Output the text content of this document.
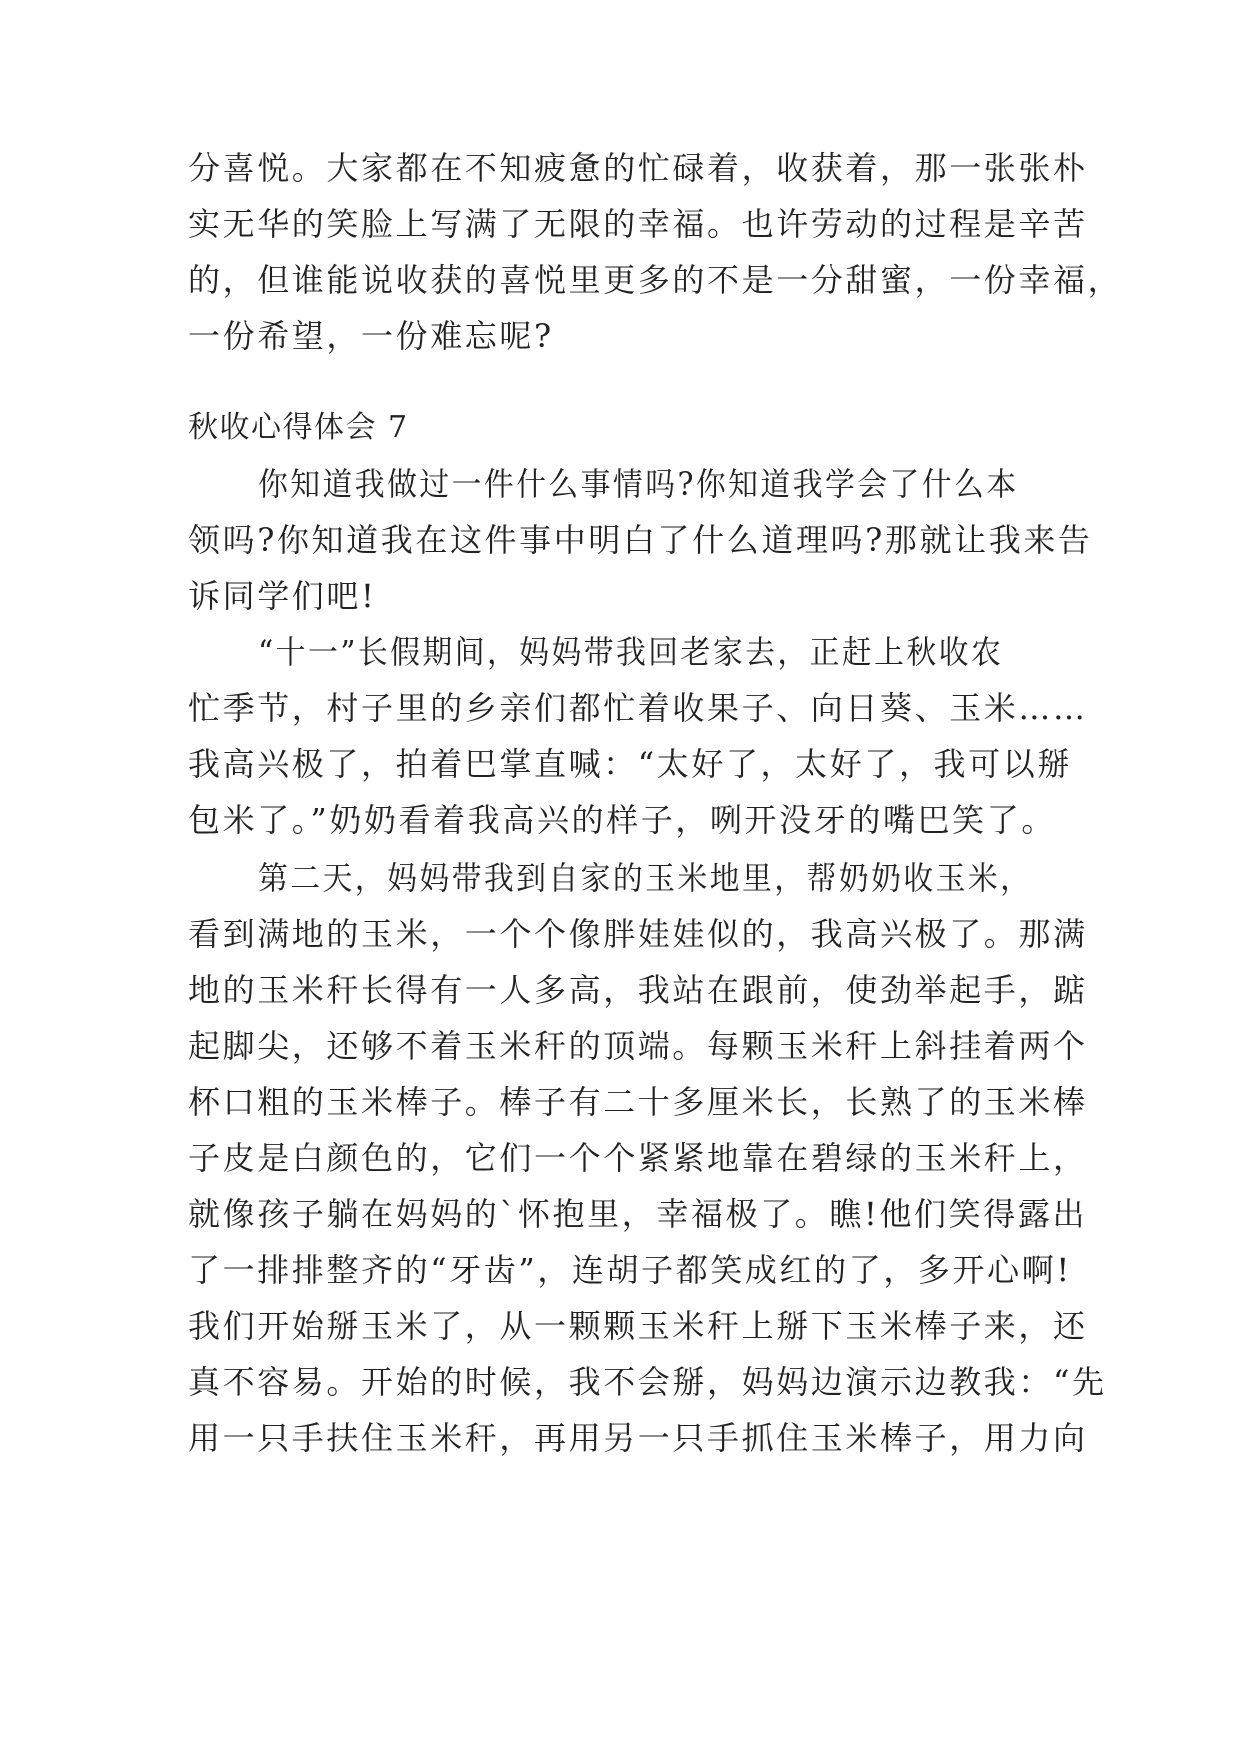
分喜悦。大家都在不知疲惫的忙碌着，收获着，那一张张朴
实无华的笑脸上写满了无限的幸福。也许劳动的过程是辛苦
的，但谁能说收获的喜悦里更多的不是一分甜蜜，一份幸福，
一份希望，一份难忘呢?
秋收心得体会 7
你知道我做过一件什么事情吗?你知道我学会了什么本
领吗?你知道我在这件事中明白了什么道理吗?那就让我来告
诉同学们吧!
“十一”长假期间，妈妈带我回老家去，正赶上秋收农
忙季节，村子里的乡亲们都忙着收果子、向日葵、玉米……
我高兴极了，拍着巴掌直喊：“太好了，太好了，我可以掰
包米了。”奶奶看着我高兴的样子，咧开没牙的嘴巴笑了。
第二天，妈妈带我到自家的玉米地里，帮奶奶收玉米，
看到满地的玉米，一个个像胖娃娃似的，我高兴极了。那满
地的玉米秆长得有一人多高，我站在跟前，使劲举起手，踮
起脚尖，还够不着玉米秆的顶端。每颗玉米秆上斜挂着两个
杯口粗的玉米棒子。棒子有二十多厘米长，长熟了的玉米棒
子皮是白颜色的，它们一个个紧紧地靠在碧绿的玉米秆上，
就像孩子躺在妈妈的`怀抱里，幸福极了。瞧!他们笑得露出
了一排排整齐的“牙齿”，连胡子都笑成红的了，多开心啊!
我们开始掰玉米了，从一颗颗玉米秆上掰下玉米棒子来，还
真不容易。开始的时候，我不会掰，妈妈边演示边教我：“先
用一只手扶住玉米秆，再用另一只手抓住玉米棒子，用力向
